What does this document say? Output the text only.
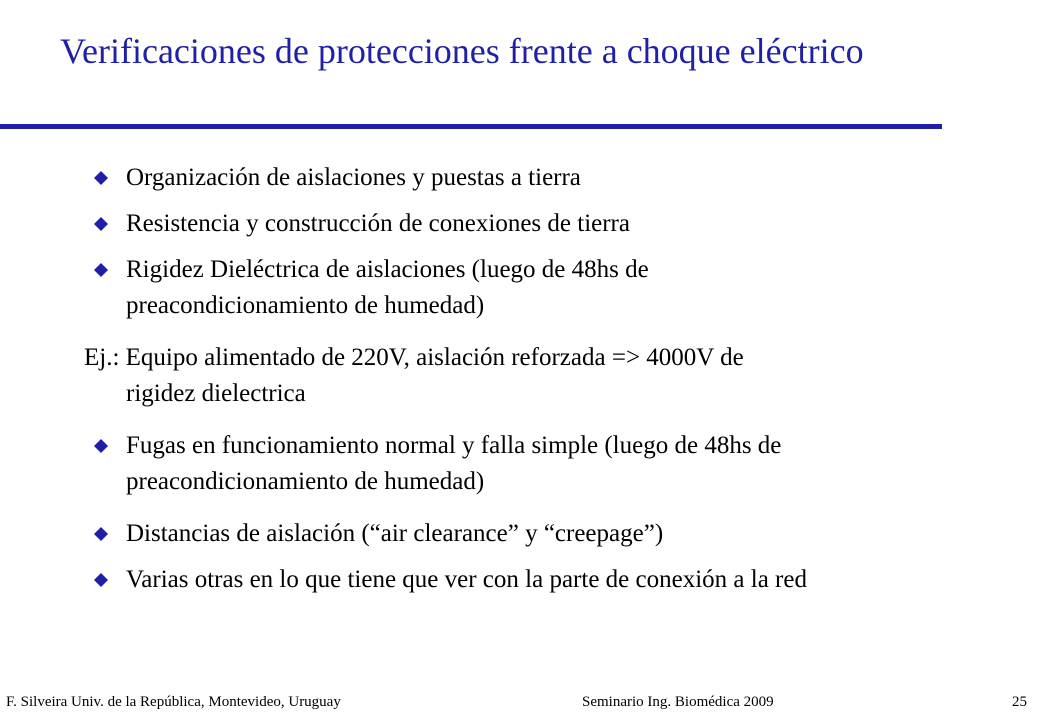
Verificaciones de protecciones frente a choque eléctrico
Organización de aislaciones y puestas a tierra
Resistencia y construcción de conexiones de tierra
Rigidez Dieléctrica de aislaciones (luego de 48hs de preacondicionamiento de humedad)
Ej.: Equipo alimentado de 220V, aislación reforzada => 4000V de
rigidez dielectrica
Fugas en funcionamiento normal y falla simple (luego de 48hs de preacondicionamiento de humedad)
Distancias de aislación (“air clearance” y “creepage”)
Varias otras en lo que tiene que ver con la parte de conexión a la red
F. Silveira Univ. de la República, Montevideo, Uruguay	Seminario Ing. Biomédica 2009	25
